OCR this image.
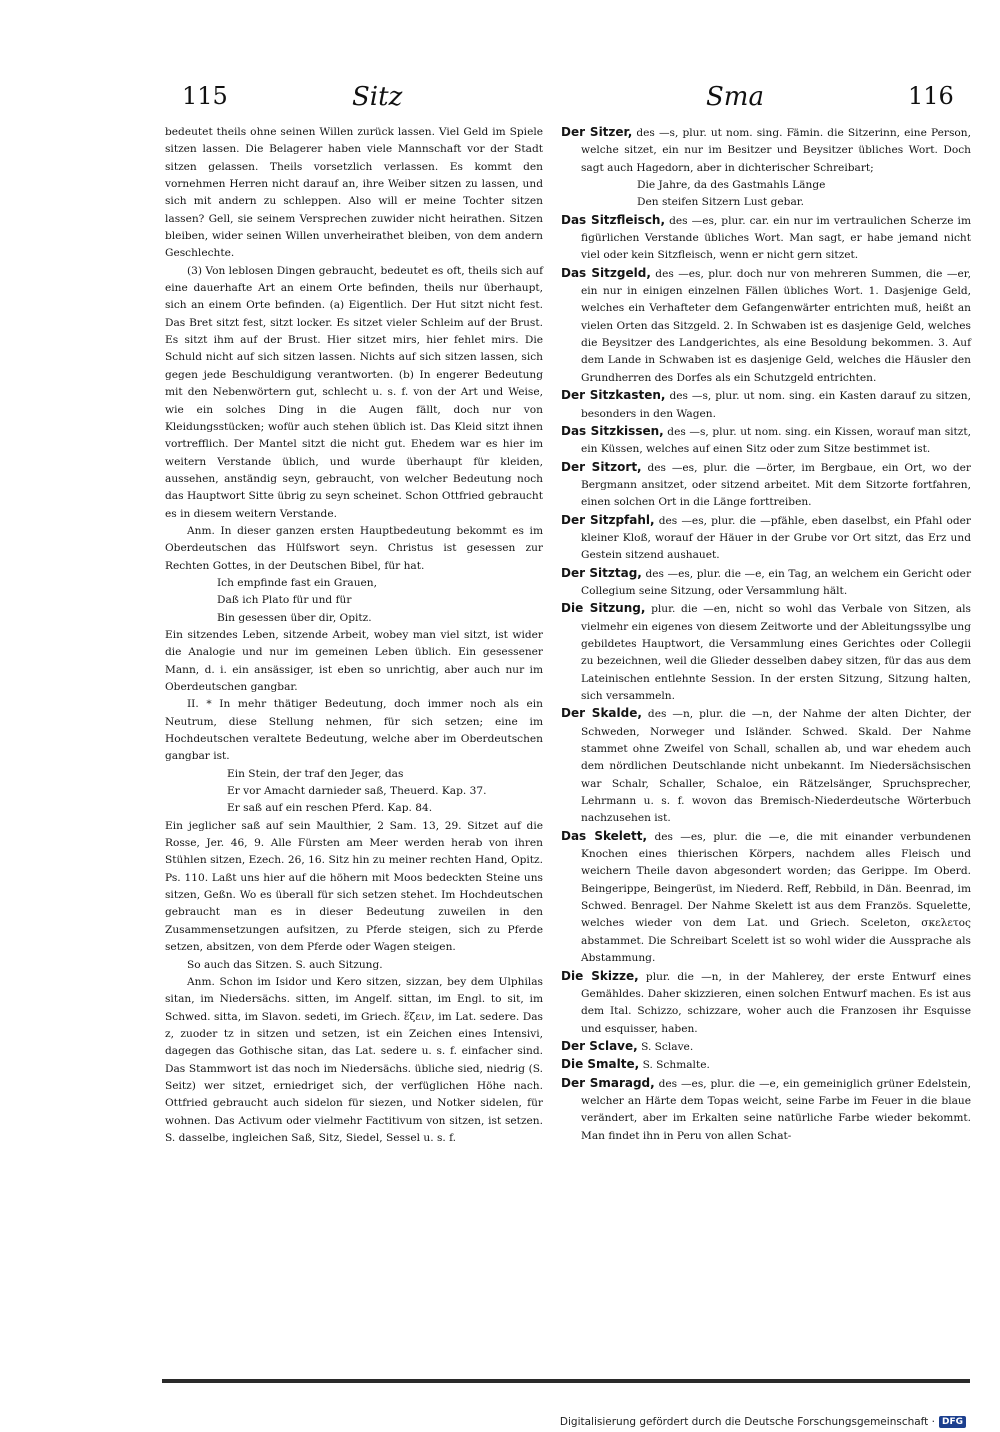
115	Sitz	Sma	116

bedeutet theils ohne seinen Willen zurück lassen. Viel Geld im Spiele sitzen lassen. Die Belagerer haben viele Mannschaft vor der Stadt sitzen gelassen. Theils vorsetzlich verlassen. Es kommt den vornehmen Herren nicht darauf an, ihre Weiber sitzen zu lassen, und sich mit andern zu schleppen. Also will er meine Tochter sitzen lassen? Gell, sie seinem Versprechen zuwider nicht heirathen. Sitzen bleiben, wider seinen Willen unverheirathet bleiben, von dem andern Geschlechte.

(3) Von leblosen Dingen gebraucht, bedeutet es oft, theils sich auf eine dauerhafte Art an einem Orte befinden, theils nur überhaupt, sich an einem Orte befinden. (a) Eigentlich. Der Hut sitzt nicht fest. Das Bret sitzt fest, sitzt locker. Es sitzet vieler Schleim auf der Brust. Es sitzt ihm auf der Brust. Hier sitzet mirs, hier fehlet mirs. Die Schuld nicht auf sich sitzen lassen. Nichts auf sich sitzen lassen, sich gegen jede Beschuldigung verantworten. (b) In engerer Bedeutung mit den Nebenwörtern gut, schlecht u. s. f. von der Art und Weise, wie ein solches Ding in die Augen fällt, doch nur von Kleidungsstücken; wofür auch stehen üblich ist. Das Kleid sitzt ihnen vortrefflich. Der Mantel sitzt die nicht gut. Ehedem war es hier im weitern Verstande üblich, und wurde überhaupt für kleiden, aussehen, anständig seyn, gebraucht, von welcher Bedeutung noch das Hauptwort Sitte übrig zu seyn scheinet. Schon Ottfried gebraucht es in diesem weitern Verstande.

Anm. In dieser ganzen ersten Hauptbedeutung bekommt es im Oberdeutschen das Hülfswort seyn. Christus ist gesessen zur Rechten Gottes, in der Deutschen Bibel, für hat.

Ich empfinde fast ein Grauen,

Daß ich Plato für und für

Bin gesessen über dir, Opitz.

Ein sitzendes Leben, sitzende Arbeit, wobey man viel sitzt, ist wider die Analogie und nur im gemeinen Leben üblich. Ein gesessener Mann, d. i. ein ansässiger, ist eben so unrichtig, aber auch nur im Oberdeutschen gangbar.

II. * In mehr thätiger Bedeutung, doch immer noch als ein Neutrum, diese Stellung nehmen, für sich setzen; eine im Hochdeutschen veraltete Bedeutung, welche aber im Oberdeutschen gangbar ist.

Ein Stein, der traf den Jeger, das

Er vor Amacht darnieder saß, Theuerd. Kap. 37.

Er saß auf ein reschen Pferd. Kap. 84.

Ein jeglicher saß auf sein Maulthier, 2 Sam. 13, 29. Sitzet auf die Rosse, Jer. 46, 9. Alle Fürsten am Meer werden herab von ihren Stühlen sitzen, Ezech. 26, 16. Sitz hin zu meiner rechten Hand, Opitz. Ps. 110. Laßt uns hier auf die höhern mit Moos bedeckten Steine uns sitzen, Geßn. Wo es überall für sich setzen stehet. Im Hochdeutschen gebraucht man es in dieser Bedeutung zuweilen in den Zusammensetzungen aufsitzen, zu Pferde steigen, sich zu Pferde setzen, absitzen, von dem Pferde oder Wagen steigen.

So auch das Sitzen. S. auch Sitzung.

Anm. Schon im Isidor und Kero sitzen, sizzan, bey dem Ulphilas sitan, im Niedersächs. sitten, im Angelf. sittan, im Engl. to sit, im Schwed. sitta, im Slavon. sedeti, im Griech. ἕζειν, im Lat. sedere. Das z, zuoder tz in sitzen und setzen, ist ein Zeichen eines Intensivi, dagegen das Gothische sitan, das Lat. sedere u. s. f. einfacher sind. Das Stammwort ist das noch im Niedersächs. übliche sied, niedrig (S. Seitz) wer sitzet, erniedriget sich, der verfüglichen Höhe nach. Ottfried gebraucht auch sidelon für siezen, und Notker sidelen, für wohnen. Das Activum oder vielmehr Factitivum von sitzen, ist setzen. S. dasselbe, ingleichen Saß, Sitz, Siedel, Sessel u. s. f.

Der Sitzer, des —s, plur. ut nom. sing. Fämin. die Sitzerinn, eine Person, welche sitzet, ein nur im Besitzer und Beysitzer übliches Wort. Doch sagt auch Hagedorn, aber in dichterischer Schreibart;

Die Jahre, da des Gastmahls Länge

Den steifen Sitzern Lust gebar.

Das Sitzfleisch, des —es, plur. car. ein nur im vertraulichen Scherze im figürlichen Verstande übliches Wort. Man sagt, er habe jemand nicht viel oder kein Sitzfleisch, wenn er nicht gern sitzet.

Das Sitzgeld, des —es, plur. doch nur von mehreren Summen, die —er, ein nur in einigen einzelnen Fällen übliches Wort. 1. Dasjenige Geld, welches ein Verhafteter dem Gefangenwärter entrichten muß, heißt an vielen Orten das Sitzgeld. 2. In Schwaben ist es dasjenige Geld, welches die Beysitzer des Landgerichtes, als eine Besoldung bekommen. 3. Auf dem Lande in Schwaben ist es dasjenige Geld, welches die Häusler den Grundherren des Dorfes als ein Schutzgeld entrichten.

Der Sitzkasten, des —s, plur. ut nom. sing. ein Kasten darauf zu sitzen, besonders in den Wagen.

Das Sitzkissen, des —s, plur. ut nom. sing. ein Kissen, worauf man sitzt, ein Küssen, welches auf einen Sitz oder zum Sitze bestimmet ist.

Der Sitzort, des —es, plur. die —örter, im Bergbaue, ein Ort, wo der Bergmann ansitzet, oder sitzend arbeitet. Mit dem Sitzorte fortfahren, einen solchen Ort in die Länge forttreiben.

Der Sitzpfahl, des —es, plur. die —pfähle, eben daselbst, ein Pfahl oder kleiner Kloß, worauf der Häuer in der Grube vor Ort sitzt, das Erz und Gestein sitzend aushauet.

Der Sitztag, des —es, plur. die —e, ein Tag, an welchem ein Gericht oder Collegium seine Sitzung, oder Versammlung hält.

Die Sitzung, plur. die —en, nicht so wohl das Verbale von Sitzen, als vielmehr ein eigenes von diesem Zeitworte und der Ableitungssylbe ung gebildetes Hauptwort, die Versammlung eines Gerichtes oder Collegii zu bezeichnen, weil die Glieder desselben dabey sitzen, für das aus dem Lateinischen entlehnte Session. In der ersten Sitzung, Sitzung halten, sich versammeln.

Der Skalde, des —n, plur. die —n, der Nahme der alten Dichter, der Schweden, Norweger und Isländer. Schwed. Skald. Der Nahme stammet ohne Zweifel von Schall, schallen ab, und war ehedem auch dem nördlichen Deutschlande nicht unbekannt. Im Niedersächsischen war Schalr, Schaller, Schaloe, ein Rätzelsänger, Spruchsprecher, Lehrmann u. s. f. wovon das Bremisch-Niederdeutsche Wörterbuch nachzusehen ist.

Das Skelett, des —es, plur. die —e, die mit einander verbundenen Knochen eines thierischen Körpers, nachdem alles Fleisch und weichern Theile davon abgesondert worden; das Gerippe. Im Oberd. Beingerippe, Beingerüst, im Niederd. Reff, Rebbild, in Dän. Beenrad, im Schwed. Benragel. Der Nahme Skelett ist aus dem Französ. Squelette, welches wieder von dem Lat. und Griech. Sceleton, σκελετος abstammet. Die Schreibart Scelett ist so wohl wider die Aussprache als Abstammung.

Die Skizze, plur. die —n, in der Mahlerey, der erste Entwurf eines Gemähldes. Daher skizzieren, einen solchen Entwurf machen. Es ist aus dem Ital. Schizzo, schizzare, woher auch die Franzosen ihr Esquisse und esquisser, haben.

Der Sclave, S. Sclave.

Die Smalte, S. Schmalte.

Der Smaragd, des —es, plur. die —e, ein gemeiniglich grüner Edelstein, welcher an Härte dem Topas weicht, seine Farbe im Feuer in die blaue verändert, aber im Erkalten seine natürliche Farbe wieder bekommt. Man findet ihn in Peru von allen Schat-

Digitalisierung gefördert durch die Deutsche Forschungsgemeinschaft · DFG
